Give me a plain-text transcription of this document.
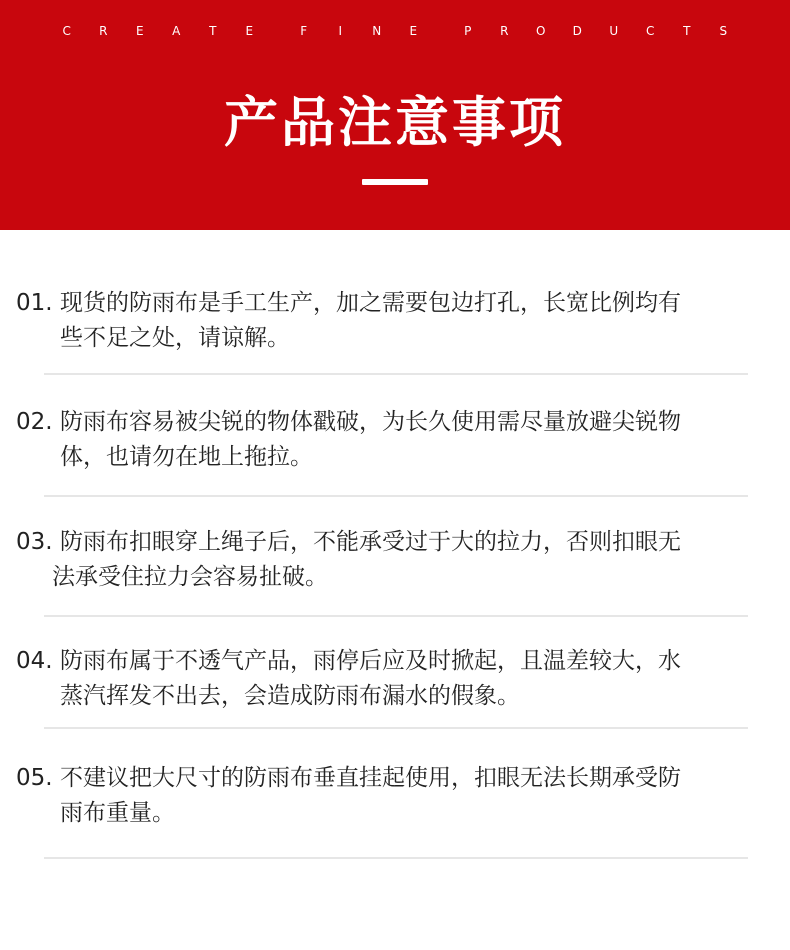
C	R	E	A	T	E	F	I	N	E	P	R	O	D	U	C	T	S
产品注意事项
01. 现货的防雨布是手工生产，加之需要包边打孔，长宽比例均有
些不足之处，请谅解。
02. 防雨布容易被尖锐的物体戳破，为长久使用需尽量放避尖锐物
体，也请勿在地上拖拉。
03. 防雨布扣眼穿上绳子后，不能承受过于大的拉力，否则扣眼无
法承受住拉力会容易扯破。
04. 防雨布属于不透气产品，雨停后应及时掀起，且温差较大，水
蒸汽挥发不出去，会造成防雨布漏水的假象。
05. 不建议把大尺寸的防雨布垂直挂起使用，扣眼无法长期承受防
雨布重量。
